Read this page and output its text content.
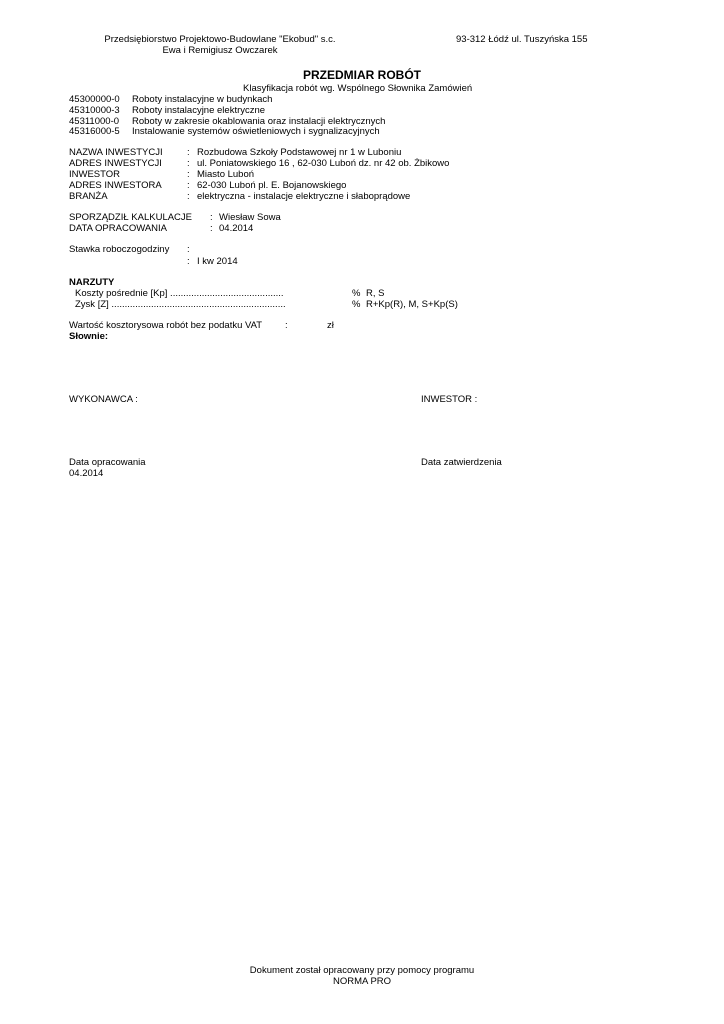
Przedsiębiorstwo Projektowo-Budowlane "Ekobud" s.c.
Ewa i Remigiusz Owczarek
93-312 Łódź ul. Tuszyńska 155
PRZEDMIAR ROBÓT
Klasyfikacja robót wg. Wspólnego Słownika Zamówień
45300000-0 Roboty instalacyjne w budynkach
45310000-3 Roboty instalacyjne elektryczne
45311000-0 Roboty w zakresie okablowania oraz instalacji elektrycznych
45316000-5 Instalowanie systemów oświetleniowych i sygnalizacyjnych
NAZWA INWESTYCJI	: Rozbudowa Szkoły Podstawowej nr 1 w Luboniu
ADRES INWESTYCJI	: ul. Poniatowskiego 16 , 62-030 Luboń dz. nr 42 ob. Żbikowo
INWESTOR	: Miasto Luboń
ADRES INWESTORA	: 62-030 Luboń pl. E. Bojanowskiego
BRANŻA	: elektryczna - instalacje elektryczne i słaboprądowe
SPORZĄDZIŁ KALKULACJE : Wiesław Sowa
DATA OPRACOWANIA	: 04.2014
Stawka roboczogodziny :
: I kw 2014
NARZUTY
Koszty pośrednie [Kp] ...........................................	% R, S
Zysk [Z] ..................................................................	% R+Kp(R), M, S+Kp(S)
Wartość kosztorysowa robót bez podatku VAT :	zł
Słownie:
WYKONAWCA :	INWESTOR :
Data opracowania
04.2014
Data zatwierdzenia
Dokument został opracowany przy pomocy programu
NORMA PRO
